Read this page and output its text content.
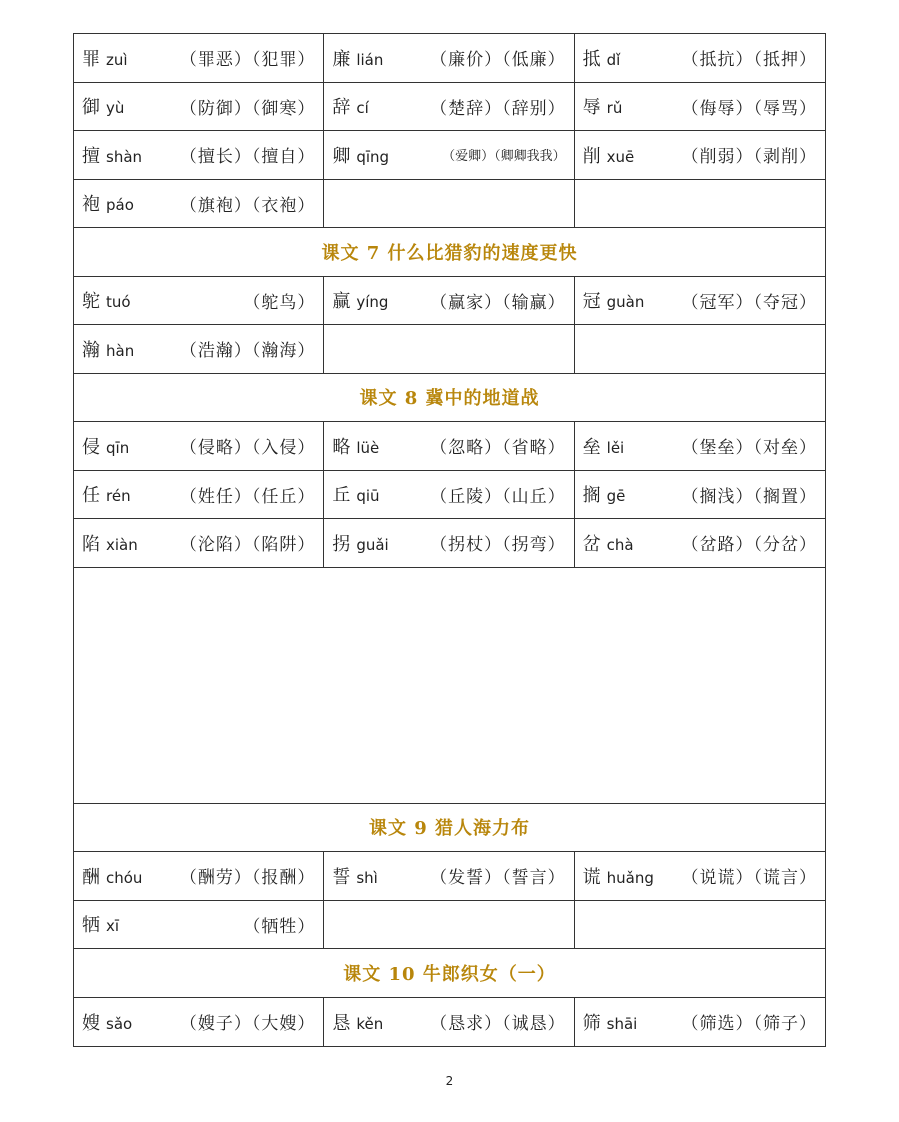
罪 zuì	（罪恶）（犯罪） 廉 lián	（廉价）（低廉） 抵 dǐ	（抵抗）（抵押）
御 yù	（防御）（御寒） 辞 cí	（楚辞）（辞别） 辱 rǔ	（侮辱）（辱骂）
擅 shàn （擅长）（擅自） 卿 qīng	（爱卿）（卿卿我我） 削 xuē	（削弱）（剥削）
袍 páo	（旗袍）（衣袍）
课文 7 什么比猎豹的速度更快
鸵 tuó	（鸵鸟） 赢 yíng （赢家）（输赢） 冠 guàn （冠军）（夺冠）
瀚 hàn	（浩瀚）（瀚海）
课文 8 冀中的地道战
侵 qīn	（侵略）（入侵） 略 lüè	（忽略）（省略） 垒 lěi	（堡垒）（对垒）
任 rén	（姓任）（任丘） 丘 qiū	（丘陵）（山丘） 搁 gē	（搁浅）（搁置）
陷 xiàn （沦陷）（陷阱） 拐 guǎi （拐杖）（拐弯） 岔 chà	（岔路）（分岔）
课文 9 猎人海力布
酬 chóu （酬劳）（报酬） 誓 shì	（发誓）（誓言） 谎 huǎng （说谎）（谎言）
牺 xī	（牺牲）
课文 10 牛郎织女（一）
嫂 sǎo	（嫂子）（大嫂） 恳 kěn	（恳求）（诚恳） 筛 shāi	（筛选）（筛子）
2
